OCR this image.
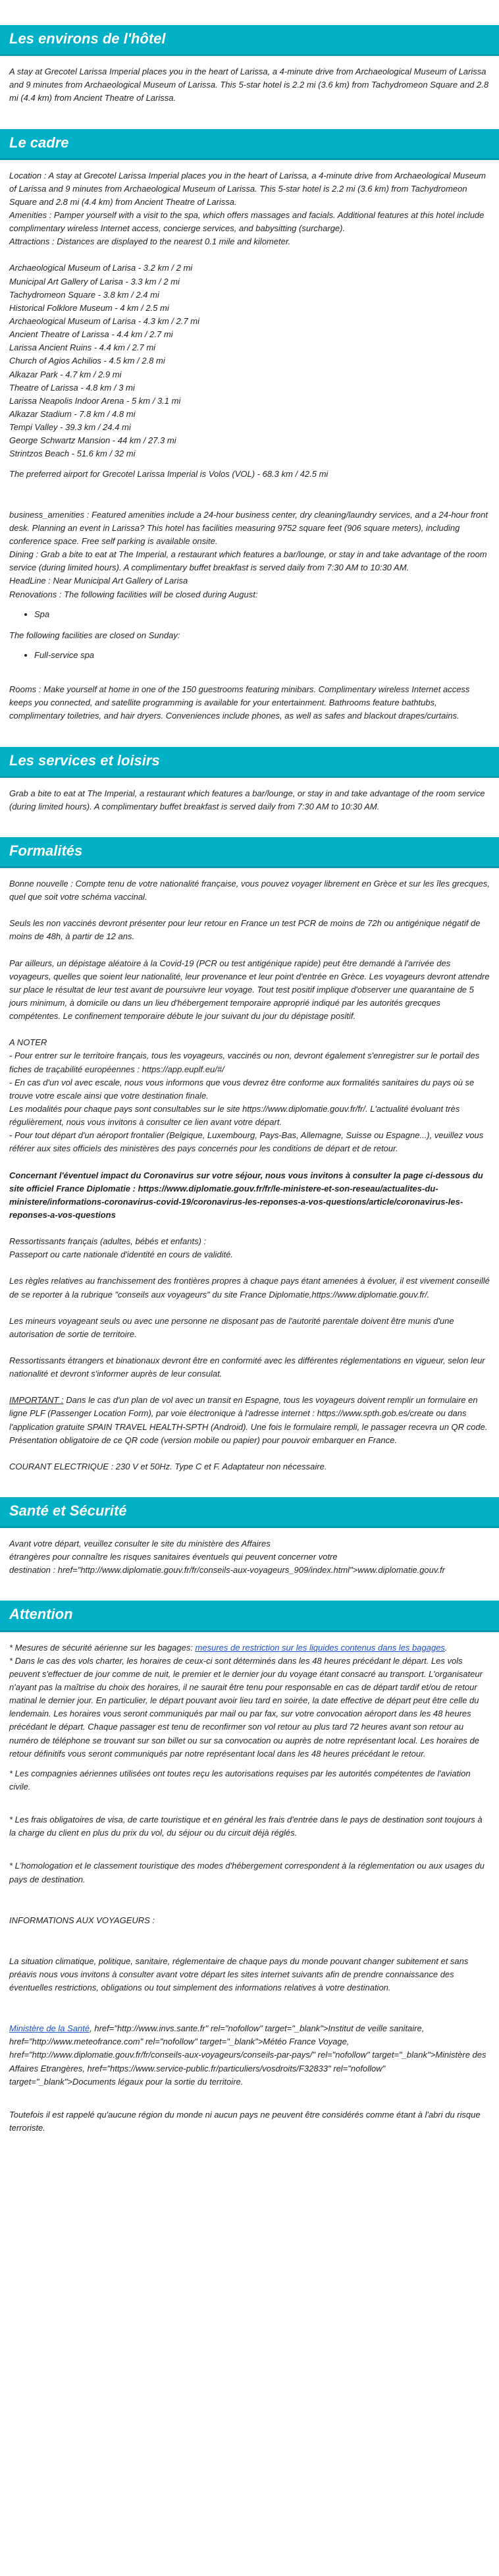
Les environs de l'hôtel

A stay at Grecotel Larissa Imperial places you in the heart of Larissa, a 4-minute drive from Archaeological Museum of Larissa and 9 minutes from Archaeological Museum of Larissa. This 5-star hotel is 2.2 mi (3.6 km) from Tachydromeon Square and 2.8 mi (4.4 km) from Ancient Theatre of Larissa.

Le cadre

Location : A stay at Grecotel Larissa Imperial places you in the heart of Larissa, a 4-minute drive from Archaeological Museum of Larissa and 9 minutes from Archaeological Museum of Larissa. This 5-star hotel is 2.2 mi (3.6 km) from Tachydromeon Square and 2.8 mi (4.4 km) from Ancient Theatre of Larissa.
Amenities : Pamper yourself with a visit to the spa, which offers massages and facials. Additional features at this hotel include complimentary wireless Internet access, concierge services, and babysitting (surcharge).
Attractions : Distances are displayed to the nearest 0.1 mile and kilometer.

Archaeological Museum of Larisa - 3.2 km / 2 mi
Municipal Art Gallery of Larisa - 3.3 km / 2 mi
Tachydromeon Square - 3.8 km / 2.4 mi
Historical Folklore Museum - 4 km / 2.5 mi
Archaeological Museum of Larisa - 4.3 km / 2.7 mi
Ancient Theatre of Larissa - 4.4 km / 2.7 mi
Larissa Ancient Ruins - 4.4 km / 2.7 mi
Church of Agios Achilios - 4.5 km / 2.8 mi
Alkazar Park - 4.7 km / 2.9 mi
Theatre of Larissa - 4.8 km / 3 mi
Larissa Neapolis Indoor Arena - 5 km / 3.1 mi
Alkazar Stadium - 7.8 km / 4.8 mi
Tempi Valley - 39.3 km / 24.4 mi
George Schwartz Mansion - 44 km / 27.3 mi
Strintzos Beach - 51.6 km / 32 mi

The preferred airport for Grecotel Larissa Imperial is Volos (VOL) - 68.3 km / 42.5 mi

business_amenities : Featured amenities include a 24-hour business center, dry cleaning/laundry services, and a 24-hour front desk. Planning an event in Larissa? This hotel has facilities measuring 9752 square feet (906 square meters), including conference space. Free self parking is available onsite.
Dining : Grab a bite to eat at The Imperial, a restaurant which features a bar/lounge, or stay in and take advantage of the room service (during limited hours). A complimentary buffet breakfast is served daily from 7:30 AM to 10:30 AM.
HeadLine : Near Municipal Art Gallery of Larisa
Renovations : The following facilities will be closed during August:

• Spa

The following facilities are closed on Sunday:

• Full-service spa

Rooms : Make yourself at home in one of the 150 guestrooms featuring minibars. Complimentary wireless Internet access keeps you connected, and satellite programming is available for your entertainment. Bathrooms feature bathtubs, complimentary toiletries, and hair dryers. Conveniences include phones, as well as safes and blackout drapes/curtains.

Les services et loisirs

Grab a bite to eat at The Imperial, a restaurant which features a bar/lounge, or stay in and take advantage of the room service (during limited hours). A complimentary buffet breakfast is served daily from 7:30 AM to 10:30 AM.

Formalités

Bonne nouvelle : Compte tenu de votre nationalité française, vous pouvez voyager librement en Grèce et sur les îles grecques, quel que soit votre schéma vaccinal.

Seuls les non vaccinés devront présenter pour leur retour en France un test PCR de moins de 72h ou antigénique négatif de moins de 48h, à partir de 12 ans.

Par ailleurs, un dépistage aléatoire à la Covid-19 (PCR ou test antigénique rapide) peut être demandé à l'arrivée des voyageurs, quelles que soient leur nationalité, leur provenance et leur point d'entrée en Grèce. Les voyageurs devront attendre sur place le résultat de leur test avant de poursuivre leur voyage. Tout test positif implique d'observer une quarantaine de 5 jours minimum, à domicile ou dans un lieu d'hébergement temporaire approprié indiqué par les autorités grecques compétentes. Le confinement temporaire débute le jour suivant du jour du dépistage positif.

A NOTER
- Pour entrer sur le territoire français, tous les voyageurs, vaccinés ou non, devront également s'enregistrer sur le portail des fiches de traçabilité européennes : https://app.euplf.eu/#/
- En cas d'un vol avec escale, nous vous informons que vous devrez être conforme aux formalités sanitaires du pays où se trouve votre escale ainsi que votre destination finale.
Les modalités pour chaque pays sont consultables sur le site https://www.diplomatie.gouv.fr/fr/. L'actualité évoluant très régulièrement, nous vous invitons à consulter ce lien avant votre départ.
- Pour tout départ d'un aéroport frontalier (Belgique, Luxembourg, Pays-Bas, Allemagne, Suisse ou Espagne...), veuillez vous référer aux sites officiels des ministères des pays concernés pour les conditions de départ et de retour.

Concernant l'éventuel impact du Coronavirus sur votre séjour, nous vous invitons à consulter la page ci-dessous du site officiel France Diplomatie : https://www.diplomatie.gouv.fr/fr/le-ministere-et-son-reseau/actualites-du-ministere/informations-coronavirus-covid-19/coronavirus-les-reponses-a-vos-questions/article/coronavirus-les-reponses-a-vos-questions

Ressortissants français (adultes, bébés et enfants) :
Passeport ou carte nationale d'identité en cours de validité.

Les règles relatives au franchissement des frontières propres à chaque pays étant amenées à évoluer, il est vivement conseillé de se reporter à la rubrique "conseils aux voyageurs" du site France Diplomatie,https://www.diplomatie.gouv.fr/.

Les mineurs voyageant seuls ou avec une personne ne disposant pas de l'autorité parentale doivent être munis d'une autorisation de sortie de territoire.

Ressortissants étrangers et binationaux devront être en conformité avec les différentes réglementations en vigueur, selon leur nationalité et devront s'informer auprès de leur consulat.

IMPORTANT : Dans le cas d'un plan de vol avec un transit en Espagne, tous les voyageurs doivent remplir un formulaire en ligne PLF (Passenger Location Form), par voie électronique à l'adresse internet : https://www.spth.gob.es/create ou dans l'application gratuite SPAIN TRAVEL HEALTH-SPTH (Android). Une fois le formulaire rempli, le passager recevra un QR code. Présentation obligatoire de ce QR code (version mobile ou papier) pour pouvoir embarquer en France.

COURANT ELECTRIQUE : 230 V et 50Hz. Type C et F. Adaptateur non nécessaire.

Santé et Sécurité

Avant votre départ, veuillez consulter le site du ministère des Affaires
étrangères pour connaître les risques sanitaires éventuels qui peuvent concerner votre
destination : href="http://www.diplomatie.gouv.fr/fr/conseils-aux-voyageurs_909/index.html">www.diplomatie.gouv.fr

Attention

* Mesures de sécurité aérienne sur les bagages: mesures de restriction sur les liquides contenus dans les bagages.
* Dans le cas des vols charter, les horaires de ceux-ci sont déterminés dans les 48 heures précédant le départ. Les vols peuvent s'effectuer de jour comme de nuit, le premier et le dernier jour du voyage étant consacré au transport. L'organisateur n'ayant pas la maîtrise du choix des horaires, il ne saurait être tenu pour responsable en cas de départ tardif et/ou de retour matinal le dernier jour. En particulier, le départ pouvant avoir lieu tard en soirée, la date effective de départ peut être celle du lendemain. Les horaires vous seront communiqués par mail ou par fax, sur votre convocation aéroport dans les 48 heures précédant le départ. Chaque passager est tenu de reconfirmer son vol retour au plus tard 72 heures avant son retour au numéro de téléphone se trouvant sur son billet ou sur sa convocation ou auprès de notre représentant local. Les horaires de retour définitifs vous seront communiqués par notre représentant local dans les 48 heures précédant le retour.

* Les compagnies aériennes utilisées ont toutes reçu les autorisations requises par les autorités compétentes de l'aviation civile.

* Les frais obligatoires de visa, de carte touristique et en général les frais d'entrée dans le pays de destination sont toujours à la charge du client en plus du prix du vol, du séjour ou du circuit déjà réglés.

* L'homologation et le classement touristique des modes d'hébergement correspondent à la réglementation ou aux usages du pays de destination.

INFORMATIONS AUX VOYAGEURS :

La situation climatique, politique, sanitaire, réglementaire de chaque pays du monde pouvant changer subitement et sans préavis nous vous invitons à consulter avant votre départ les sites internet suivants afin de prendre connaissance des éventuelles restrictions, obligations ou tout simplement des informations relatives à votre destination.

Ministère de la Santé, href="http://www.invs.sante.fr" rel="nofollow" target="_blank">Institut de veille sanitaire, href="http://www.meteofrance.com" rel="nofollow" target="_blank">Météo France Voyage, href="http://www.diplomatie.gouv.fr/fr/conseils-aux-voyageurs/conseils-par-pays/" rel="nofollow" target="_blank">Ministère des Affaires Etrangères, href="https://www.service-public.fr/particuliers/vosdroits/F32833" rel="nofollow" target="_blank">Documents légaux pour la sortie du territoire.

Toutefois il est rappelé qu'aucune région du monde ni aucun pays ne peuvent être considérés comme étant à l'abri du risque terroriste.
